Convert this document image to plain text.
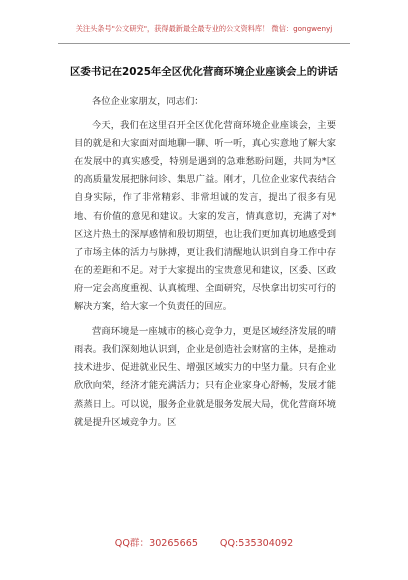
关注头条号"公文研究"，获得最新最全最专业的公文资料库！ 微信：gongwenyj
区委书记在2025年全区优化营商环境企业座谈会上的讲话

各位企业家朋友，同志们：

今天，我们在这里召开全区优化营商环境企业座谈会，主要目的就是和大家面对面地聊一聊、听一听，真心实意地了解大家在发展中的真实感受，特别是遇到的急难愁盼问题，共同为*区的高质量发展把脉问诊、集思广益。刚才，几位企业家代表结合自身实际，作了非常精彩、非常坦诚的发言，提出了很多有见地、有价值的意见和建议。大家的发言，情真意切，充满了对*区这片热土的深厚感情和殷切期望，也让我们更加真切地感受到了市场主体的活力与脉搏，更让我们清醒地认识到自身工作中存在的差距和不足。对于大家提出的宝贵意见和建议，区委、区政府一定会高度重视、认真梳理、全面研究，尽快拿出切实可行的解决方案，给大家一个负责任的回应。

营商环境是一座城市的核心竞争力，更是区域经济发展的晴雨表。我们深刻地认识到，企业是创造社会财富的主体，是推动技术进步、促进就业民生、增强区域实力的中坚力量。只有企业欣欣向荣，经济才能充满活力；只有企业家身心舒畅，发展才能蒸蒸日上。可以说，服务企业就是服务发展大局，优化营商环境就是提升区域竞争力。区

QQ群：30265665 QQ:535304092
